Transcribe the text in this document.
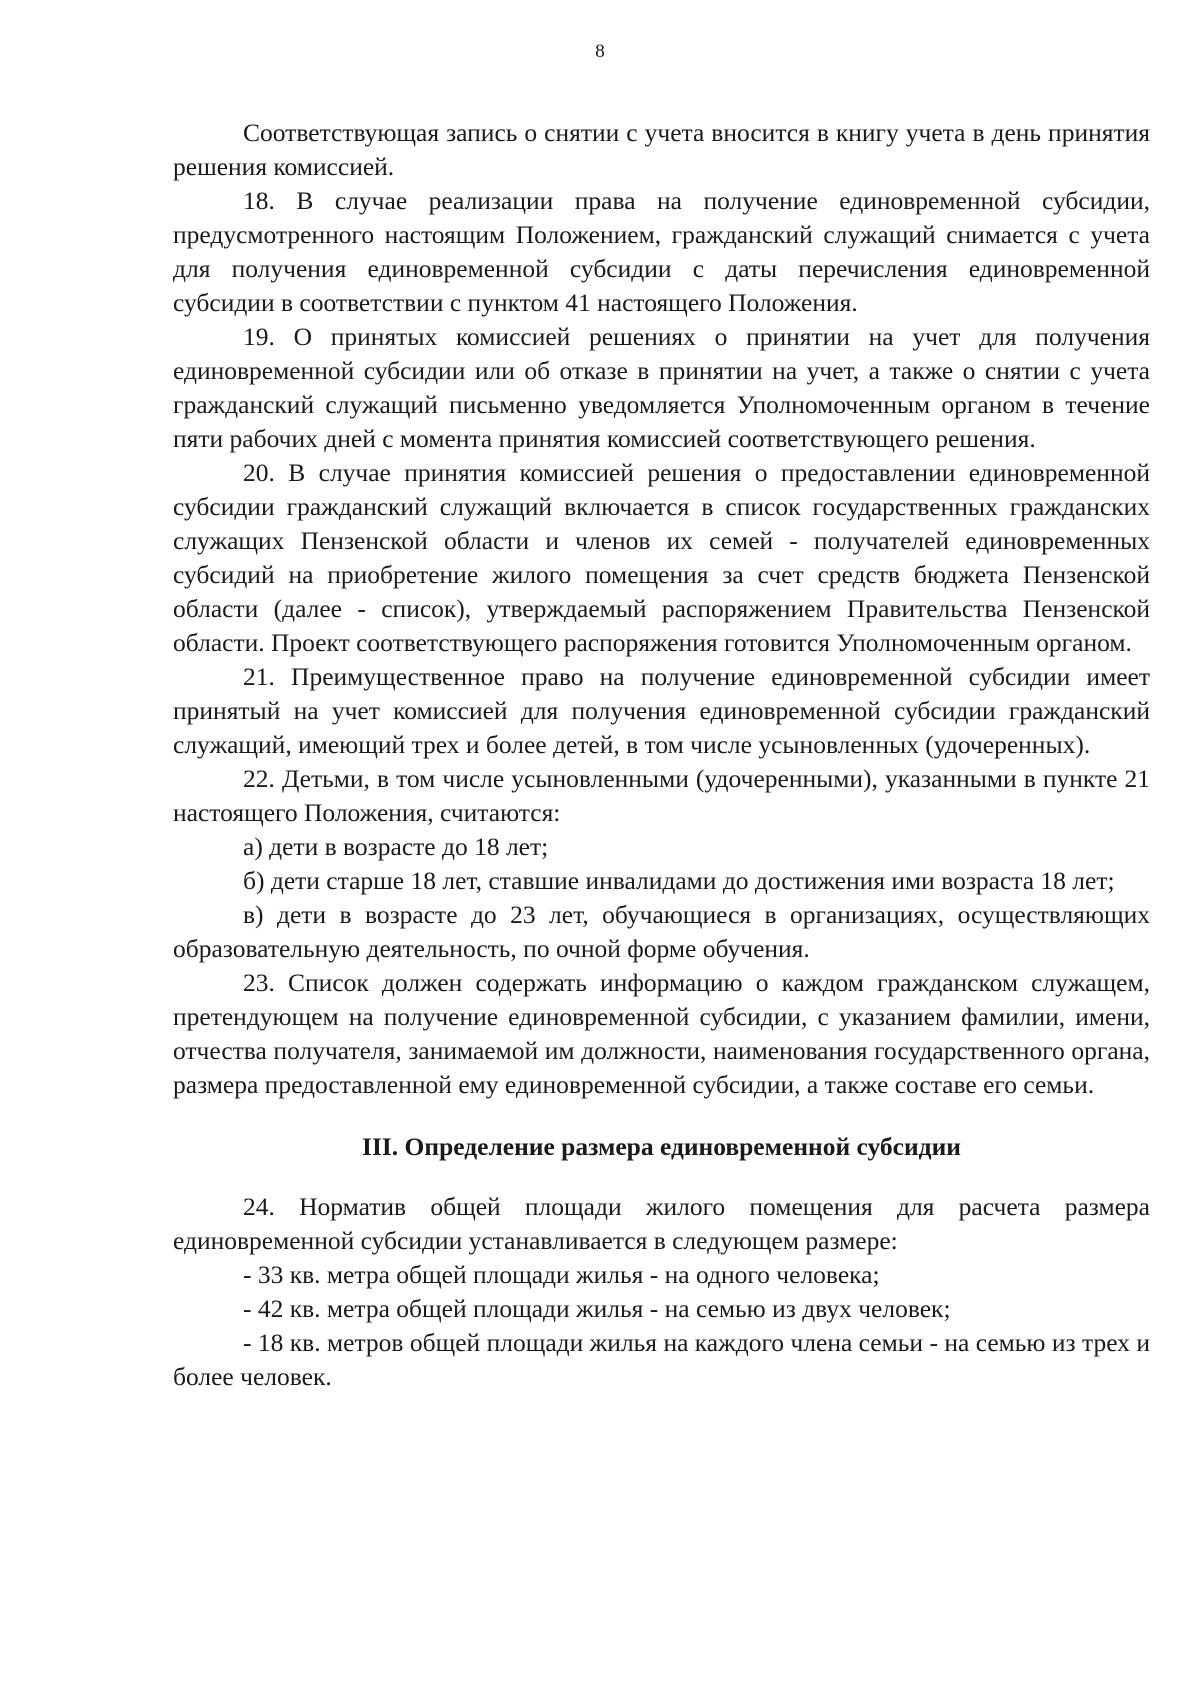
8

Соответствующая запись о снятии с учета вносится в книгу учета в день принятия решения комиссией.

18. В случае реализации права на получение единовременной субсидии, предусмотренного настоящим Положением, гражданский служащий снимается с учета для получения единовременной субсидии с даты перечисления единовременной субсидии в соответствии с пунктом 41 настоящего Положения.

19. О принятых комиссией решениях о принятии на учет для получения единовременной субсидии или об отказе в принятии на учет, а также о снятии с учета гражданский служащий письменно уведомляется Уполномоченным органом в течение пяти рабочих дней с момента принятия комиссией соответствующего решения.

20. В случае принятия комиссией решения о предоставлении единовременной субсидии гражданский служащий включается в список государственных гражданских служащих Пензенской области и членов их семей - получателей единовременных субсидий на приобретение жилого помещения за счет средств бюджета Пензенской области (далее - список), утверждаемый распоряжением Правительства Пензенской области. Проект соответствующего распоряжения готовится Уполномоченным органом.

21. Преимущественное право на получение единовременной субсидии имеет принятый на учет комиссией для получения единовременной субсидии гражданский служащий, имеющий трех и более детей, в том числе усыновленных (удочеренных).

22. Детьми, в том числе усыновленными (удочеренными), указанными в пункте 21 настоящего Положения, считаются:

а) дети в возрасте до 18 лет;

б) дети старше 18 лет, ставшие инвалидами до достижения ими возраста 18 лет;

в) дети в возрасте до 23 лет, обучающиеся в организациях, осуществляющих образовательную деятельность, по очной форме обучения.

23. Список должен содержать информацию о каждом гражданском служащем, претендующем на получение единовременной субсидии, с указанием фамилии, имени, отчества получателя, занимаемой им должности, наименования государственного органа, размера предоставленной ему единовременной субсидии, а также составе его семьи.

III. Определение размера единовременной субсидии

24. Норматив общей площади жилого помещения для расчета размера единовременной субсидии устанавливается в следующем размере:

- 33 кв. метра общей площади жилья - на одного человека;

- 42 кв. метра общей площади жилья - на семью из двух человек;

- 18 кв. метров общей площади жилья на каждого члена семьи - на семью из трех и более человек.
